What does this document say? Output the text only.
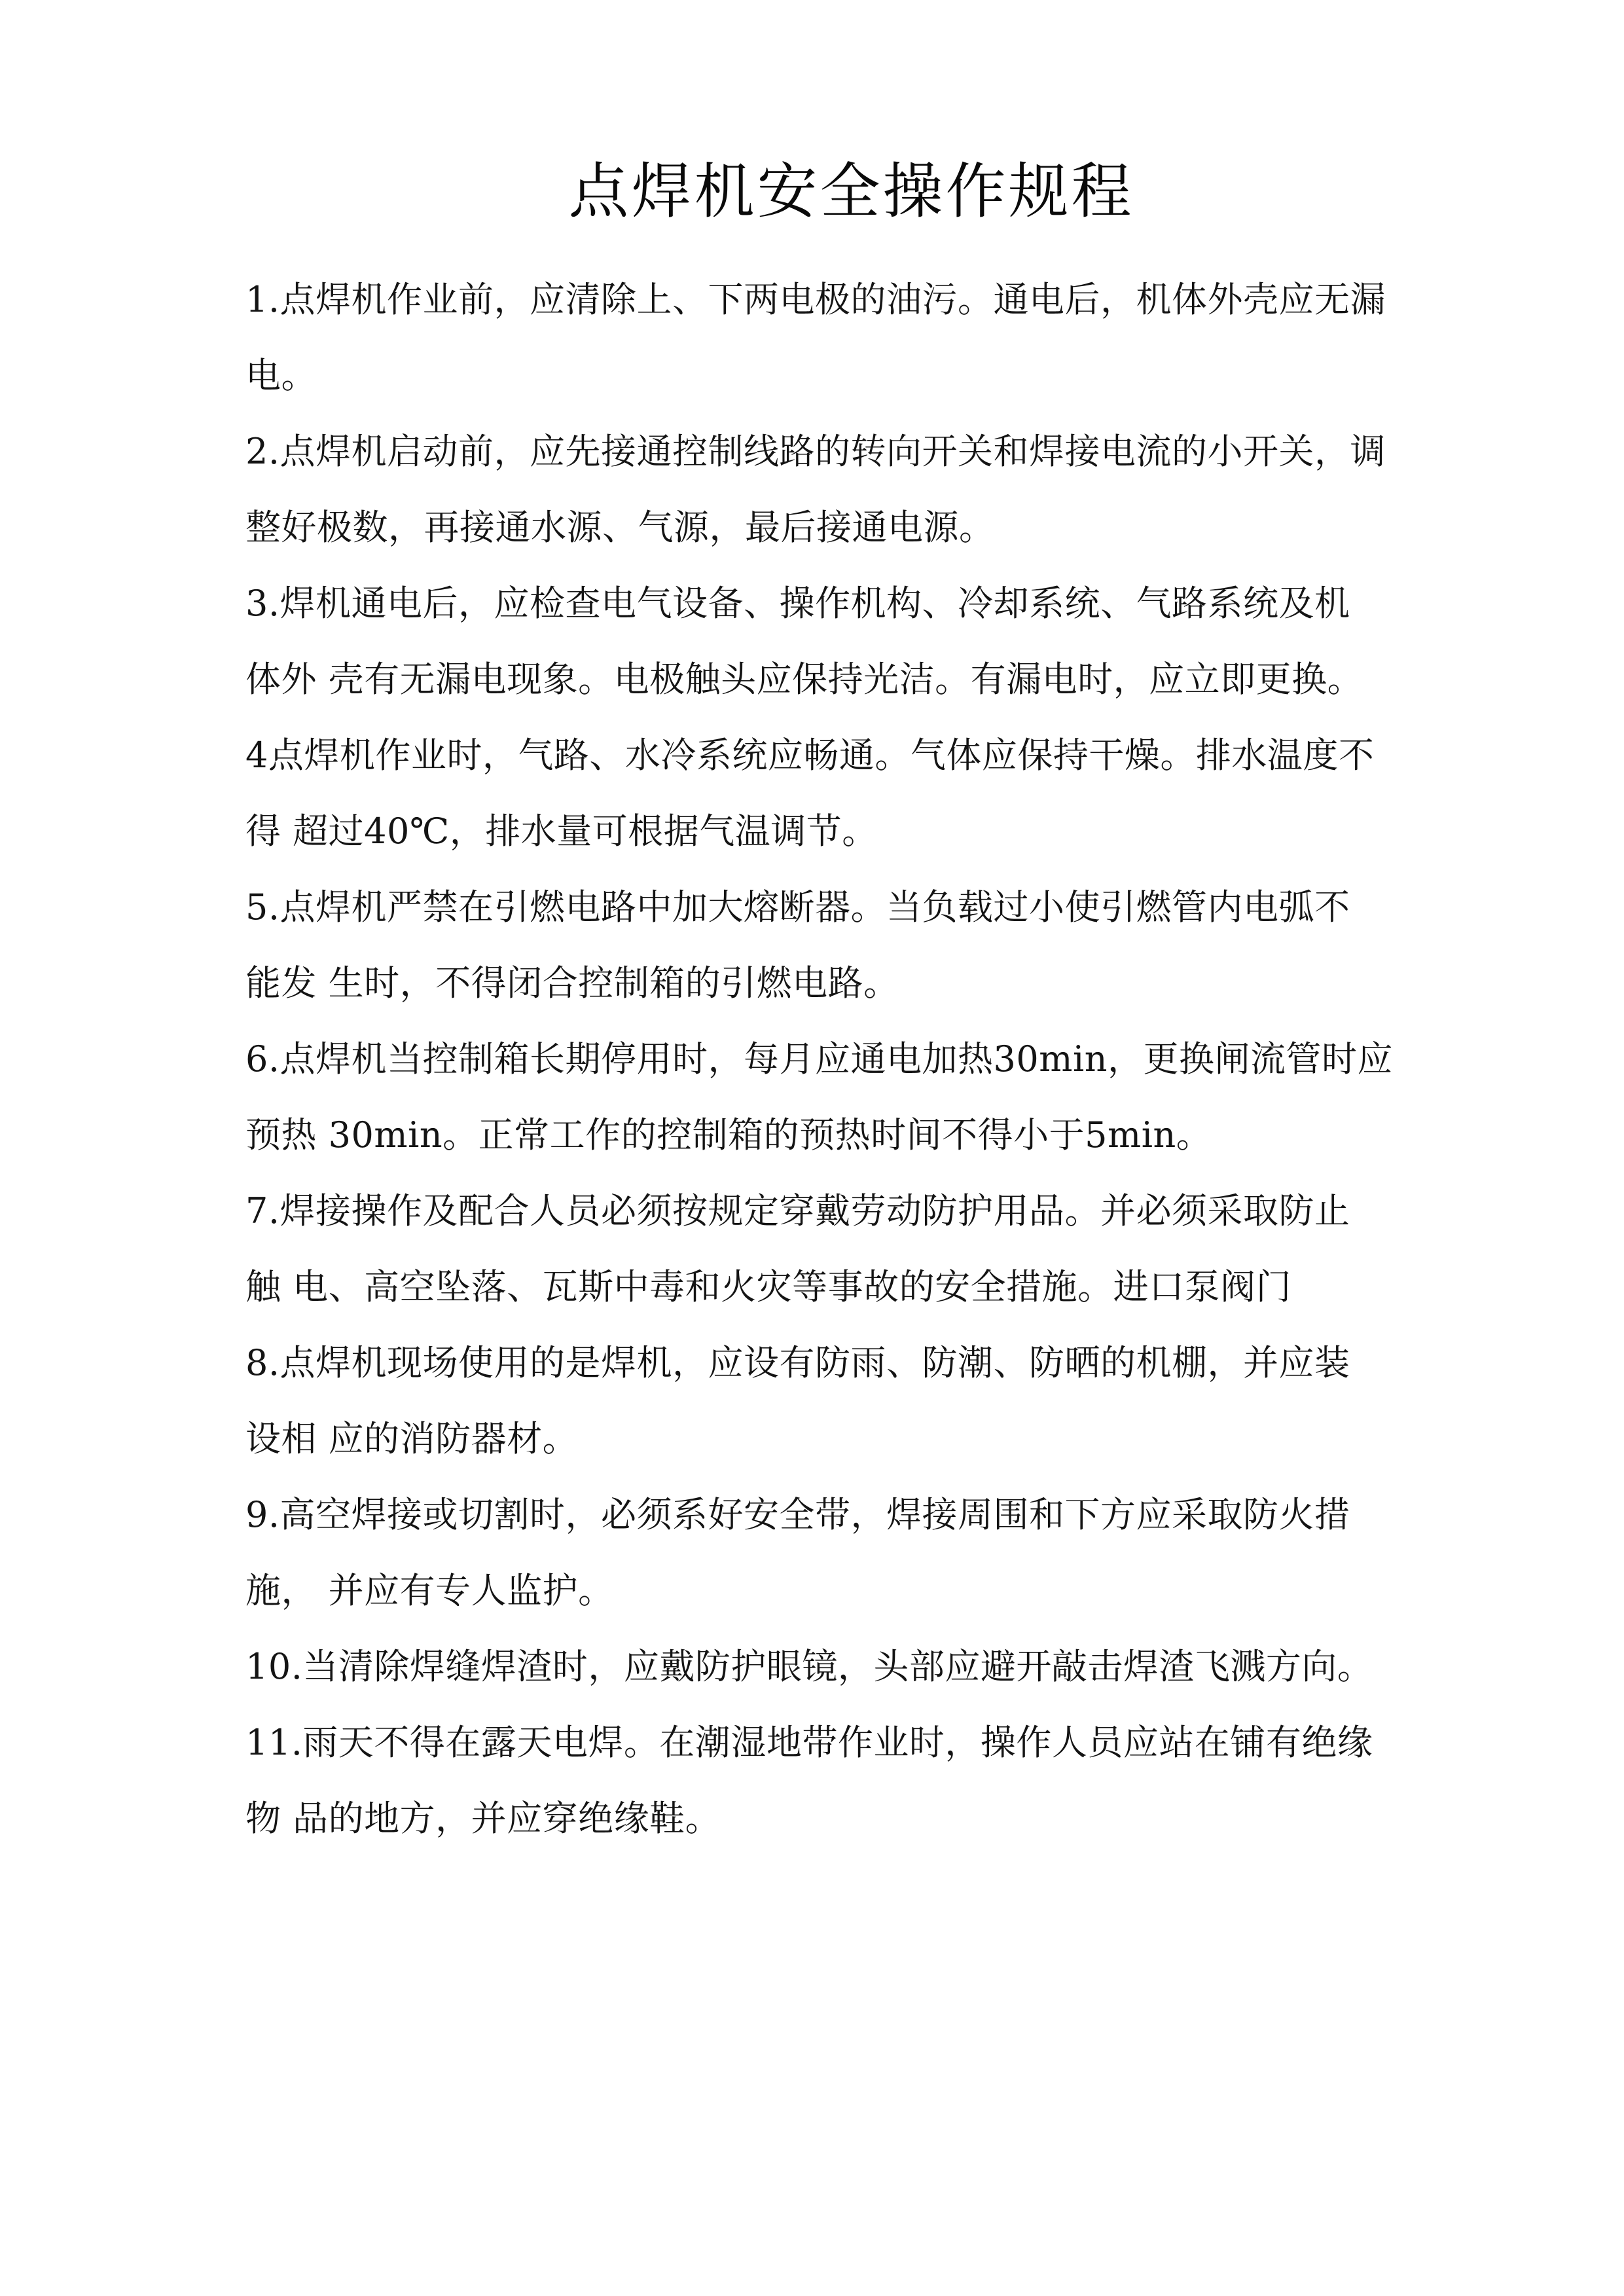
点焊机安全操作规程
1.点焊机作业前，应清除上、下两电极的油污。通电后，机体外壳应无漏
电。
2.点焊机启动前，应先接通控制线路的转向开关和焊接电流的小开关，调
整好极数，再接通水源、气源，最后接通电源。
3.焊机通电后，应检查电气设备、操作机构、冷却系统、气路系统及机
体外 壳有无漏电现象。电极触头应保持光洁。有漏电时，应立即更换。
4点焊机作业时，气路、水冷系统应畅通。气体应保持干燥。排水温度不
得 超过40℃，排水量可根据气温调节。
5.点焊机严禁在引燃电路中加大熔断器。当负载过小使引燃管内电弧不
能发 生时，不得闭合控制箱的引燃电路。
6.点焊机当控制箱长期停用时，每月应通电加热30min，更换闸流管时应
预热 30min。正常工作的控制箱的预热时间不得小于5min。
7.焊接操作及配合人员必须按规定穿戴劳动防护用品。并必须采取防止
触 电、高空坠落、瓦斯中毒和火灾等事故的安全措施。进口泵阀门
8.点焊机现场使用的是焊机，应设有防雨、防潮、防晒的机棚，并应装
设相 应的消防器材。
9.高空焊接或切割时，必须系好安全带，焊接周围和下方应采取防火措
施， 并应有专人监护。
10.当清除焊缝焊渣时，应戴防护眼镜，头部应避开敲击焊渣飞溅方向。
11.雨天不得在露天电焊。在潮湿地带作业时，操作人员应站在铺有绝缘
物 品的地方，并应穿绝缘鞋。
